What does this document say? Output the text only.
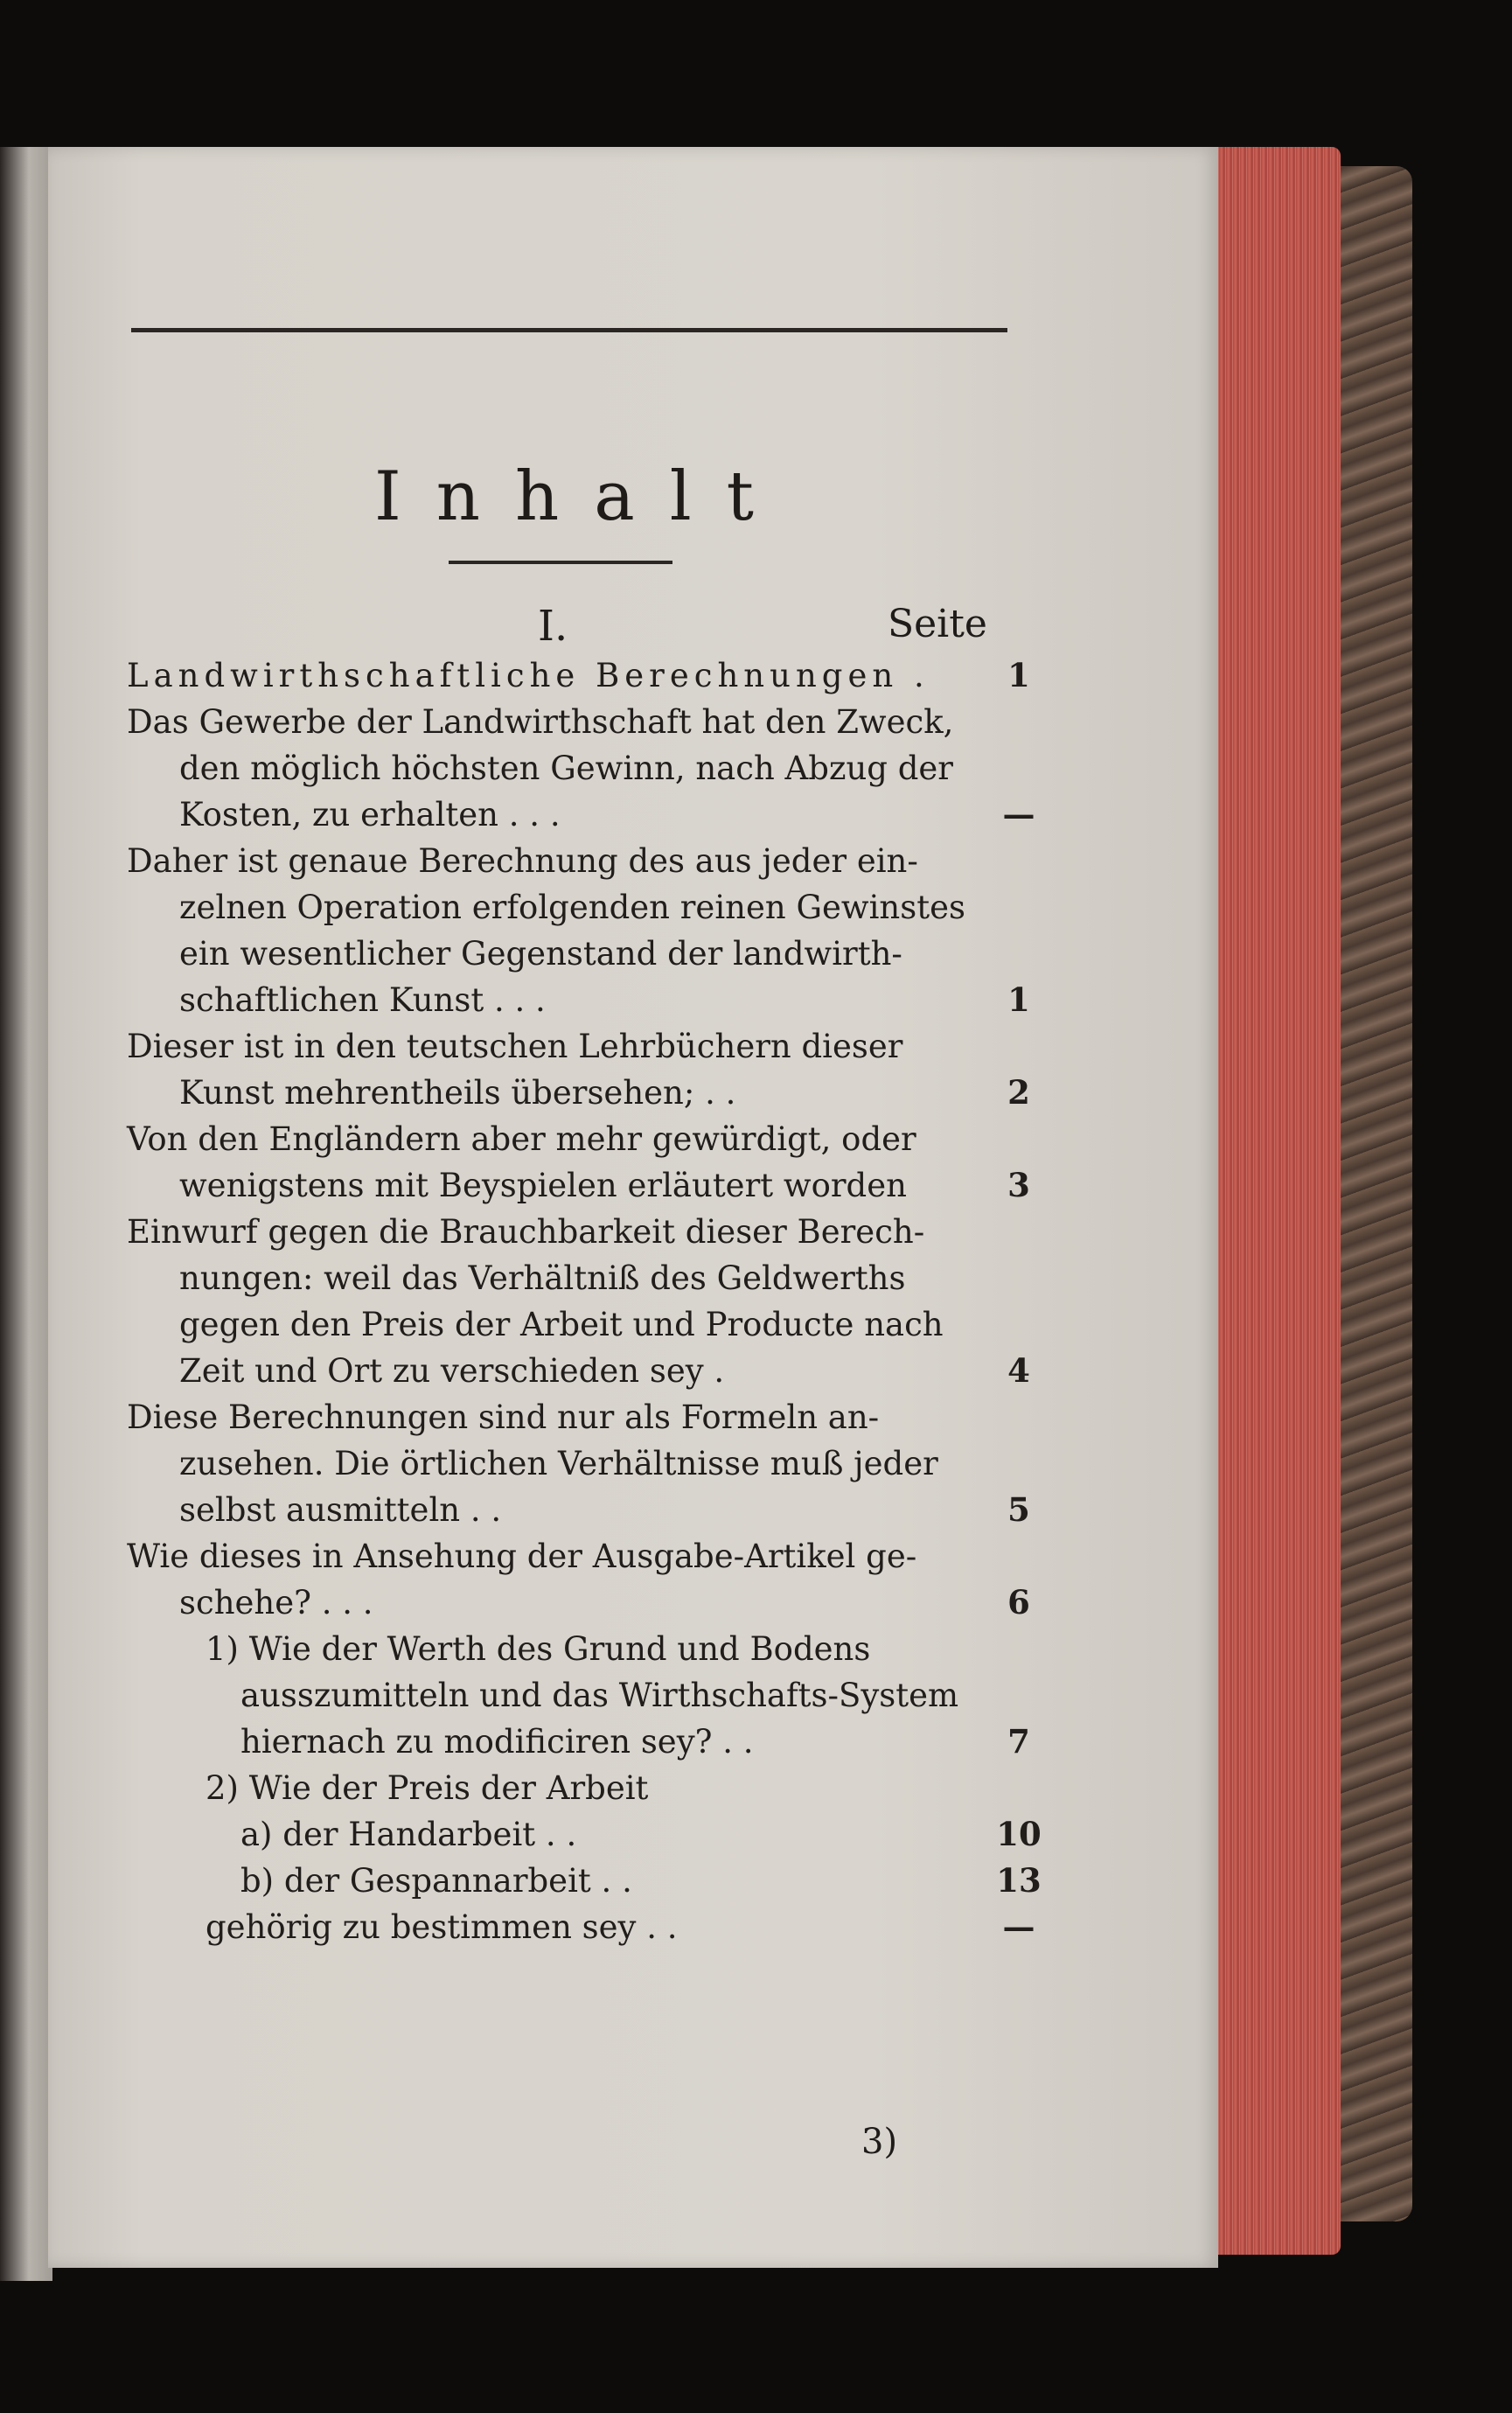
Inhalt
I.	Seite
Landwirthschaftliche Berechnungen .	1
Das Gewerbe der Landwirthschaft hat den Zweck,
den möglich höchsten Gewinn, nach Abzug der
Kosten, zu erhalten . . .	—
Daher ist genaue Berechnung des aus jeder ein-
zelnen Operation erfolgenden reinen Gewinstes
ein wesentlicher Gegenstand der landwirth-
schaftlichen Kunst . . .	1
Dieser ist in den teutschen Lehrbüchern dieser
Kunst mehrentheils übersehen; . .	2
Von den Engländern aber mehr gewürdigt, oder
wenigstens mit Beyspielen erläutert worden	3
Einwurf gegen die Brauchbarkeit dieser Berech-
nungen: weil das Verhältniß des Geldwerths
gegen den Preis der Arbeit und Producte nach
Zeit und Ort zu verschieden sey .	4
Diese Berechnungen sind nur als Formeln an-
zusehen. Die örtlichen Verhältnisse muß jeder
selbst ausmitteln . .	5
Wie dieses in Ansehung der Ausgabe-Artikel ge-
schehe? . . .	6
1) Wie der Werth des Grund und Bodens
ausszumitteln und das Wirthschafts-System
hiernach zu modificiren sey? . .	7
2) Wie der Preis der Arbeit
a) der Handarbeit . .	10
b) der Gespannarbeit . .	13
gehörig zu bestimmen sey . .	—
3)
